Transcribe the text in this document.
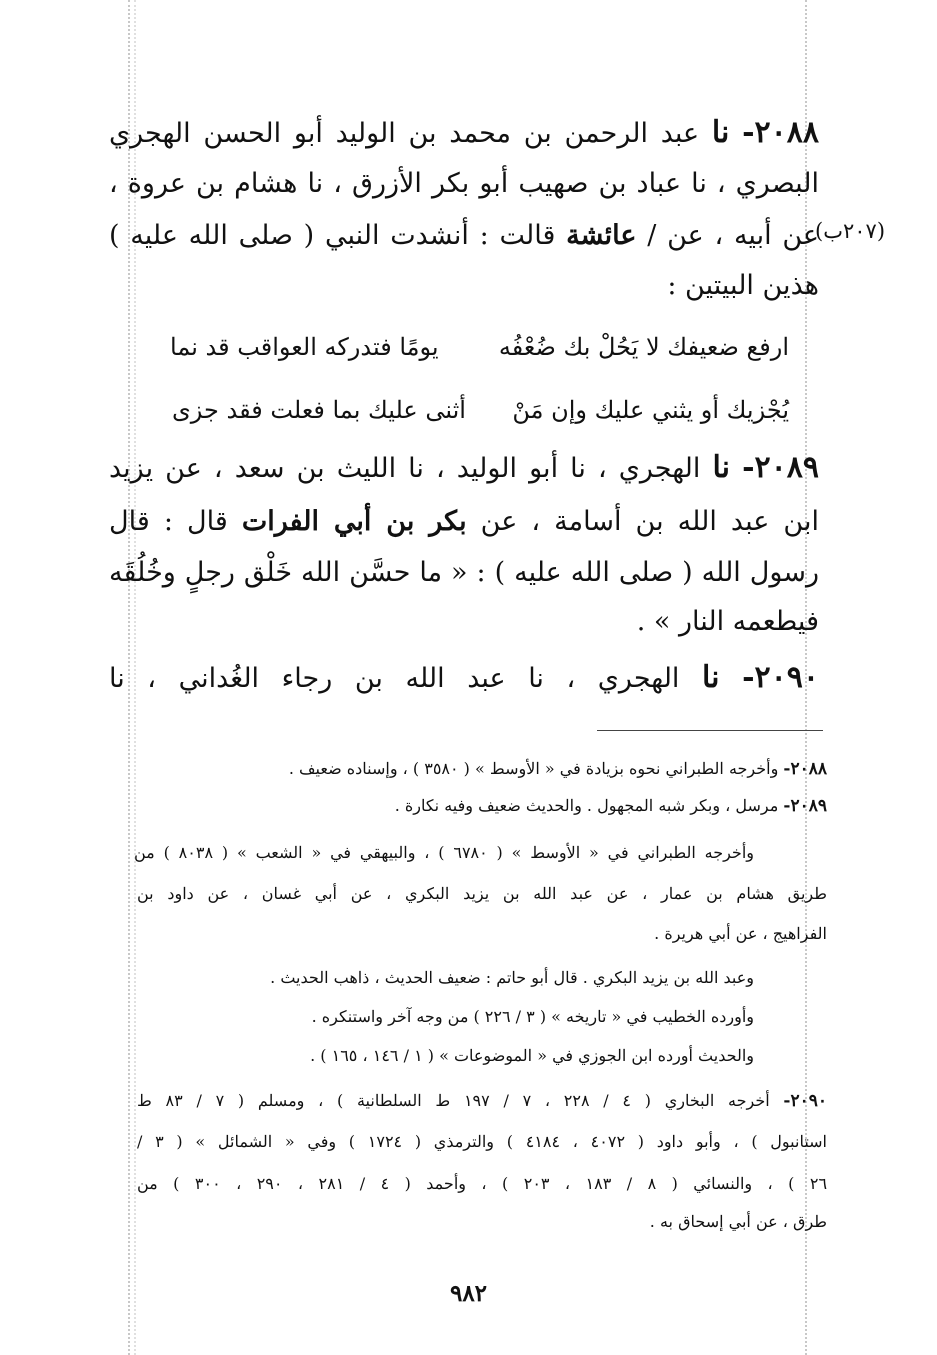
٢٠٨٨- نا عبد الرحمن بن محمد بن الوليد أبو الحسن الهجري
البصري ، نا عباد بن صهيب أبو بكر الأزرق ، نا هشام بن عروة ،
عن أبيه ، عن / عائشة قالت : أنشدت النبي ( صلى الله عليه )	(٢٠٧ب)
هذين البيتين :
ارفع ضعيفك لا يَحُلْ بك ضُعْفُه
يومًا فتدركه العواقب قد نما
يُجْزيك أو يثني عليك وإن مَنْ
أثنى عليك بما فعلت فقد جزى
٢٠٨٩- نا الهجري ، نا أبو الوليد ، نا الليث بن سعد ، عن يزيد
ابن عبد الله بن أسامة ، عن بكر بن أبي الفرات قال : قال
رسول الله ( صلى الله عليه ) : « ما حسَّن الله خَلْق رجلٍ وخُلُقَه
فيطعمه النار » .
٢٠٩٠- نا الهجري ، نا عبد الله بن رجاء الغُداني ، نا
٢٠٨٨- وأخرجه الطبراني نحوه بزيادة في « الأوسط » ( ٣٥٨٠ ) ، وإسناده ضعيف .
٢٠٨٩- مرسل ، وبكر شبه المجهول . والحديث ضعيف وفيه نكارة .
وأخرجه الطبراني في « الأوسط » ( ٦٧٨٠ ) ، والبيهقي في « الشعب » ( ٨٠٣٨ ) من
طريق هشام بن عمار ، عن عبد الله بن يزيد البكري ، عن أبي غسان ، عن داود بن
الفراهيج ، عن أبي هريرة .
وعبد الله بن يزيد البكري . قال أبو حاتم : ضعيف الحديث ، ذاهب الحديث .
وأورده الخطيب في « تاريخه » ( ٣ / ٢٢٦ ) من وجه آخر واستنكره .
والحديث أورده ابن الجوزي في « الموضوعات » ( ١ / ١٤٦ ، ١٦٥ ) .
٢٠٩٠- أخرجه البخاري ( ٤ / ٢٢٨ ، ٧ / ١٩٧ ط السلطانية ) ، ومسلم ( ٧ / ٨٣ ط
استانبول ) ، وأبو داود ( ٤٠٧٢ ، ٤١٨٤ ) والترمذي ( ١٧٢٤ ) وفي « الشمائل » ( ٣ /
٢٦ ) ، والنسائي ( ٨ / ١٨٣ ، ٢٠٣ ) ، وأحمد ( ٤ / ٢٨١ ، ٢٩٠ ، ٣٠٠ ) من
طرق ، عن أبي إسحاق به .
٩٨٢
